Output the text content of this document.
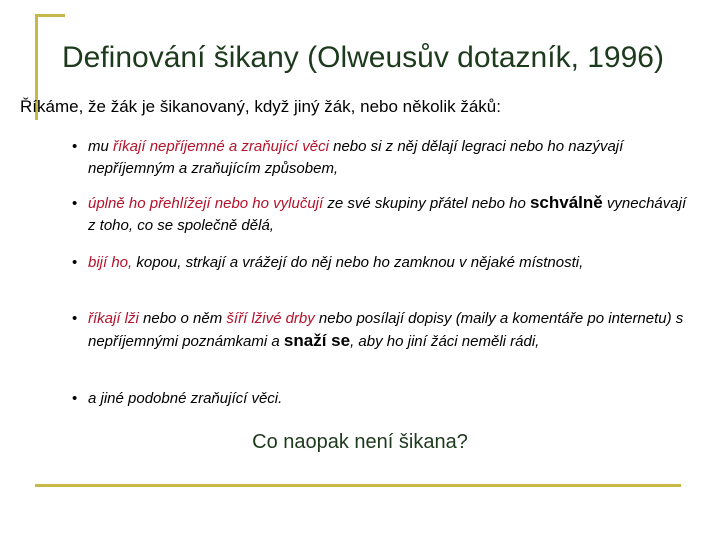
Definování šikany (Olweusův dotazník, 1996)

Říkáme, že žák je šikanovaný, když jiný žák, nebo několik žáků:

• mu říkají nepříjemné a zraňující věci nebo si z něj dělají legraci nebo ho nazývají nepříjemným a zraňujícím způsobem,
• úplně ho přehlížejí nebo ho vylučují ze své skupiny přátel nebo ho schválně vynechávají z toho, co se společně dělá,
• bijí ho, kopou, strkají a vrážejí do něj nebo ho zamknou v nějaké místnosti,
• říkají lži nebo o něm šíří lživé drby nebo posílají dopisy (maily a komentáře po internetu) s nepříjemnými poznámkami a snaží se, aby ho jiní žáci neměli rádi,
• a jiné podobné zraňující věci.
Co naopak není šikana?
